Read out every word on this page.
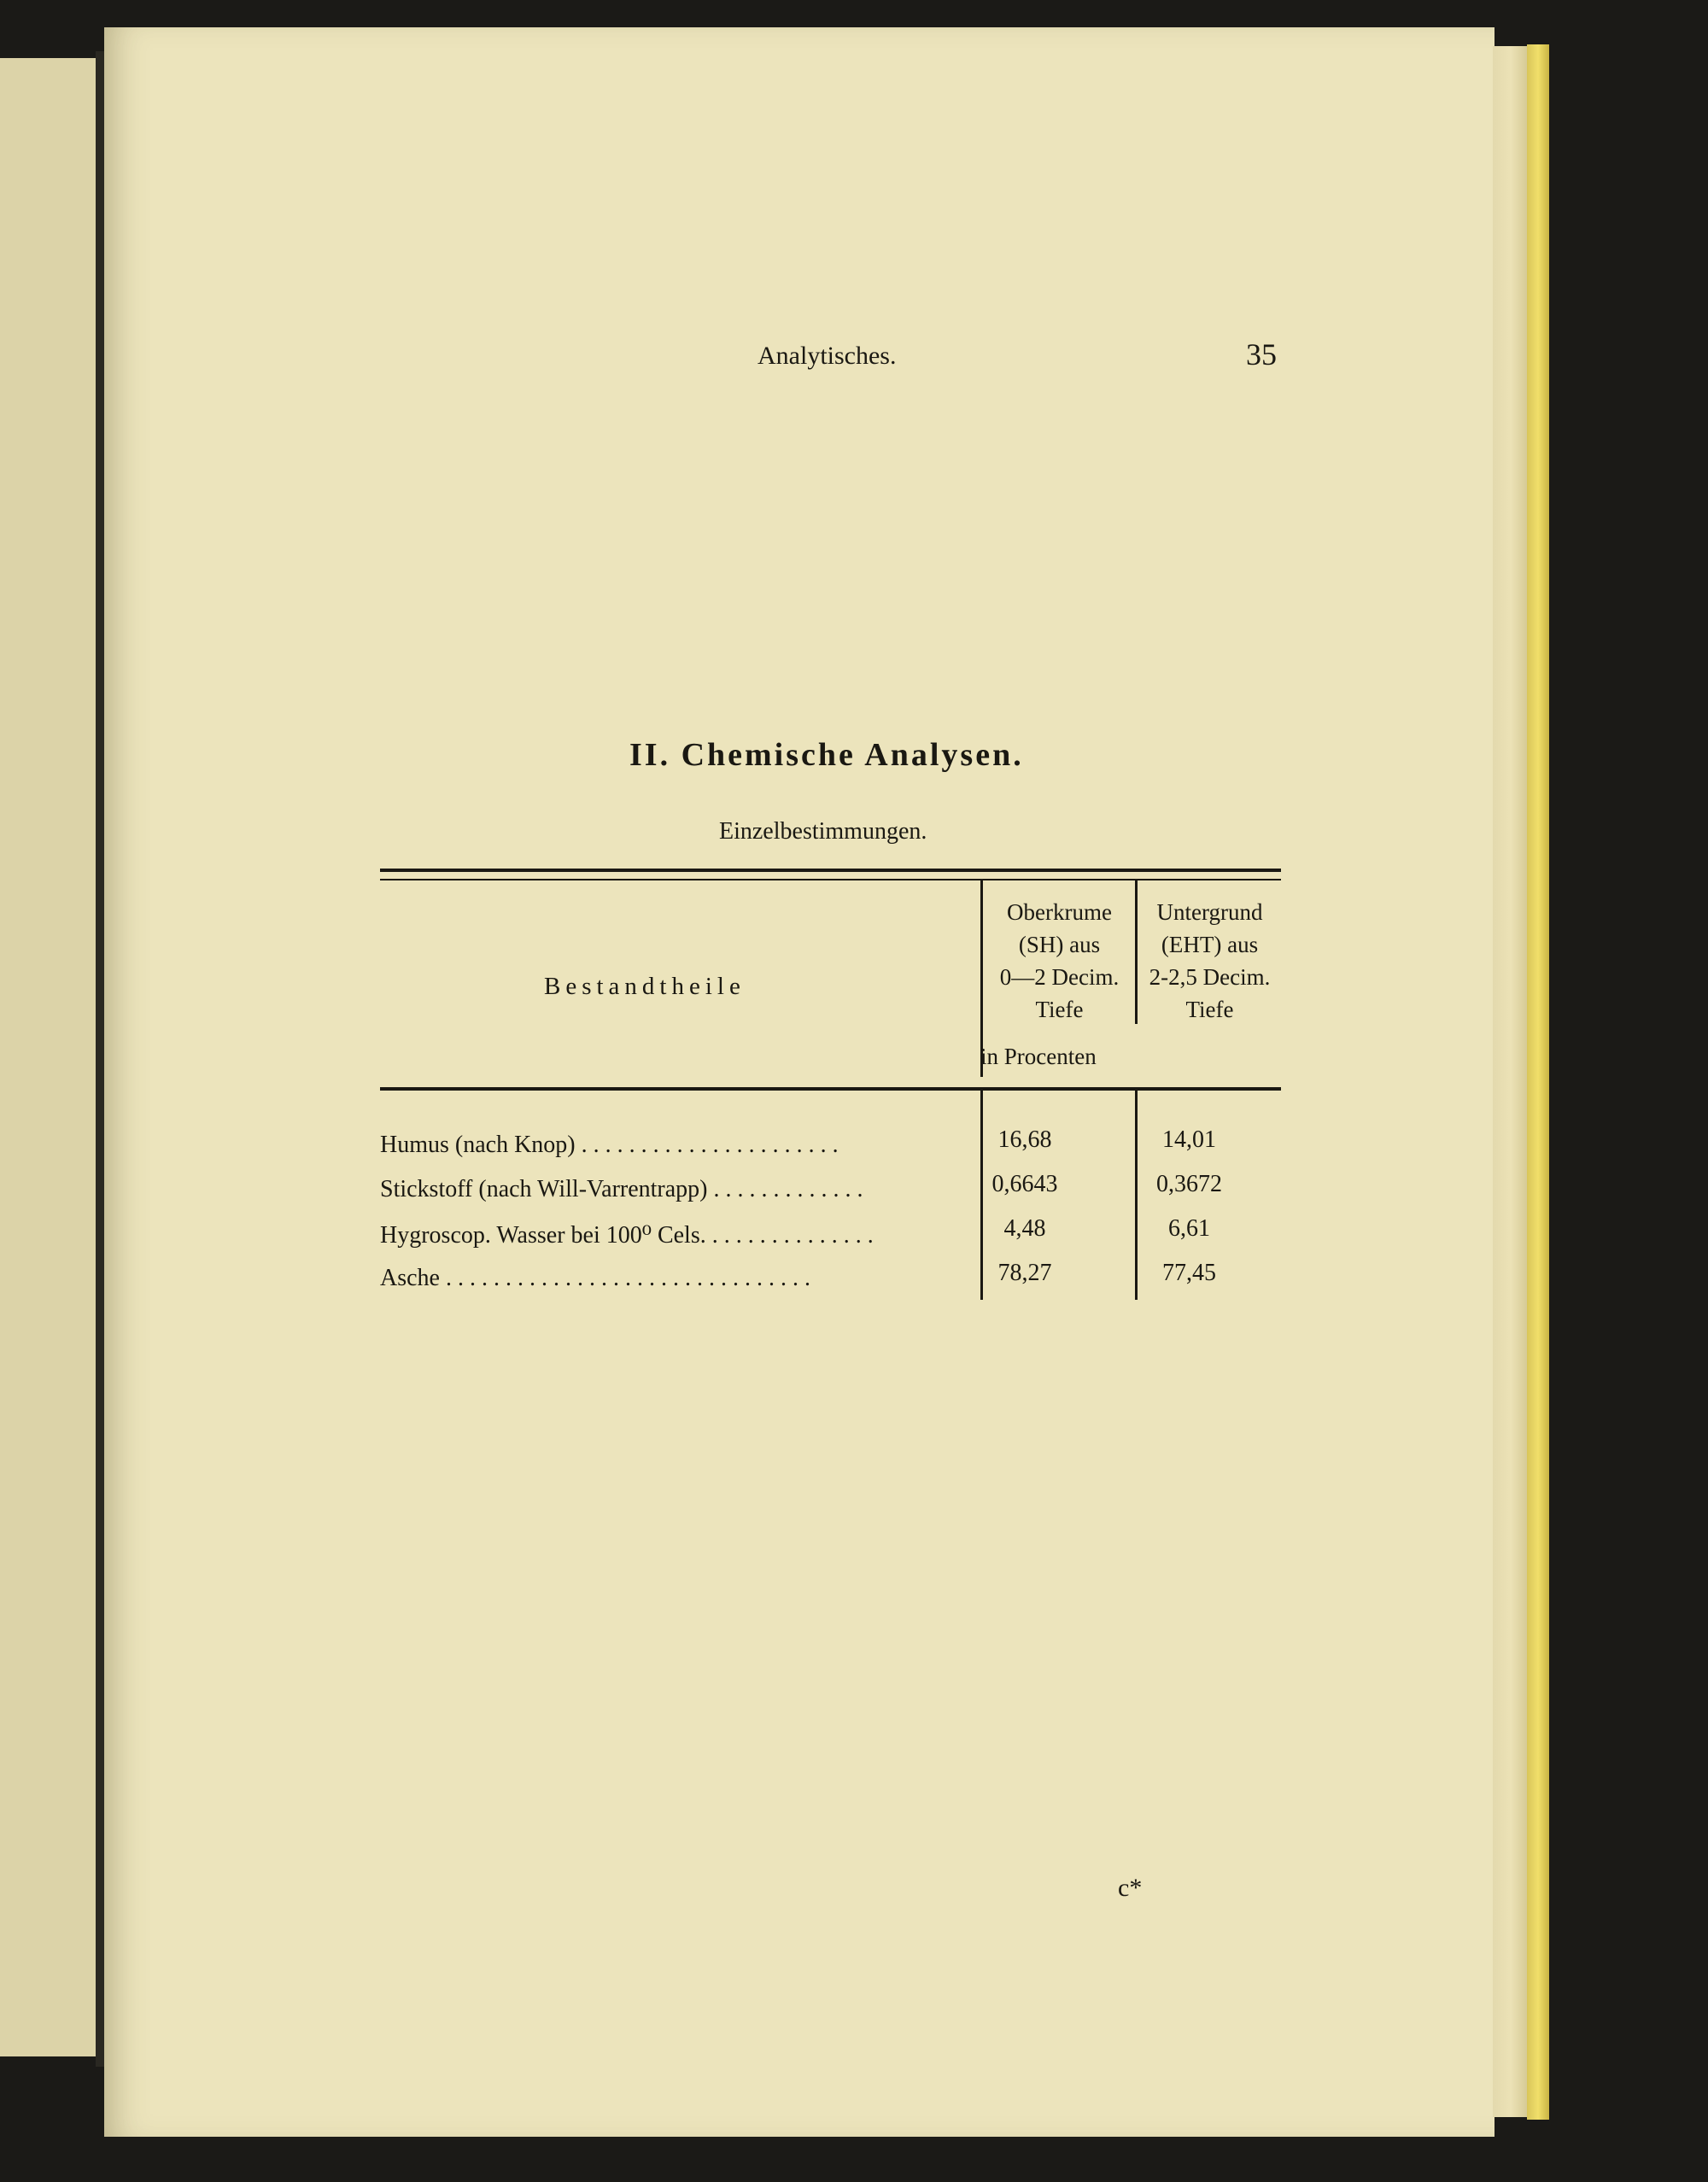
Analytisches.	35
II. Chemische Analysen.
Einzelbestimmungen.
Bestandtheile
Oberkrume
(SH) aus
0—2 Decim.
Tiefe
Untergrund
(EHT) aus
2-2,5 Decim.
Tiefe
in Procenten
Humus (nach Knop) . . . . . . . . . . . . . . . . . . . . . .	16,68	14,01
Stickstoff (nach Will-Varrentrapp) . . . . . . . . . . . . .	0,6643	0,3672
Hygroscop. Wasser bei 100⁰ Cels. . . . . . . . . . . . . . .	4,48	6,61
Asche . . . . . . . . . . . . . . . . . . . . . . . . . . . . . . .	78,27	77,45
c*
